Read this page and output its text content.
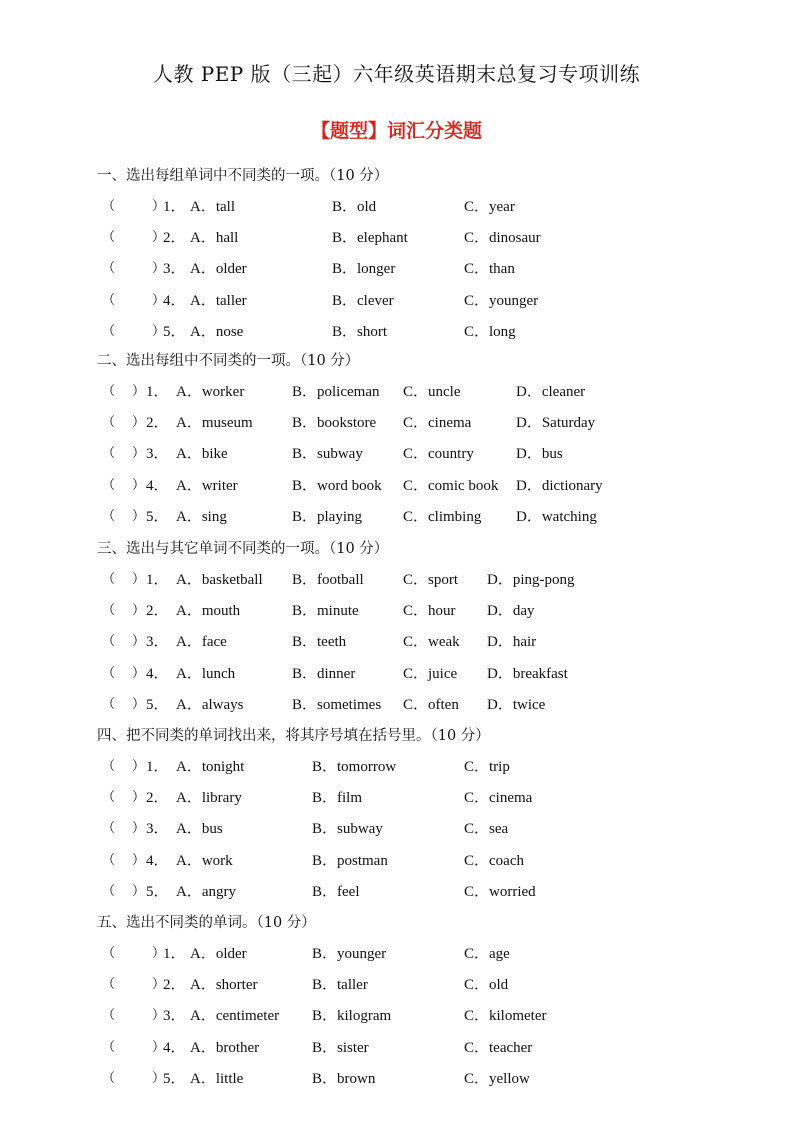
人教 PEP 版（三起）六年级英语期末总复习专项训练
【题型】词汇分类题
一、选出每组单词中不同类的一项。（10 分）
（	）
1． A．tall	B．old	C．year
（	）
2． A．hall	B．elephant	C．dinosaur
（	）
3． A．older	B．longer	C．than
（	）
4． A．taller	B．clever	C．younger
（	）
5． A．nose	B．short	C．long
二、选出每组中不同类的一项。（10 分）
（ ） 1． A．worker	B．policeman C．uncle	D．cleaner
（ ） 2． A．museum	B．bookstore C．cinema	D．Saturday
（ ） 3． A．bike	B．subway	C．country	D．bus
（ ） 4． A．writer	B．word book C．comic book D．dictionary
（ ） 5． A．sing	B．playing	C．climbing D．watching
三、选出与其它单词不同类的一项。（10 分）
（ ） 1． A．basketball B．football	C．sport D．ping-pong
（ ） 2． A．mouth	B．minute	C．hour D．day
（ ） 3． A．face	B．teeth	C．weak D．hair
（ ） 4． A．lunch	B．dinner	C．juice D．breakfast
（ ） 5． A．always	B．sometimes C．often D．twice
四、把不同类的单词找出来，将其序号填在括号里。（10 分）
（ ） 1． A．tonight	B．tomorrow	C．trip
（ ） 2． A．library	B．film	C．cinema
（ ） 3． A．bus	B．subway	C．sea
（ ） 4． A．work	B．postman	C．coach
（ ） 5． A．angry	B．feel	C．worried
五、选出不同类的单词。（10 分）
（	）
1． A．older	B．younger	C．age
（	）
2． A．shorter	B．taller	C．old
（	）
3． A．centimeter B．kilogram	C．kilometer
（	）
4． A．brother	B．sister	C．teacher
（	）
5． A．little	B．brown	C．yellow
